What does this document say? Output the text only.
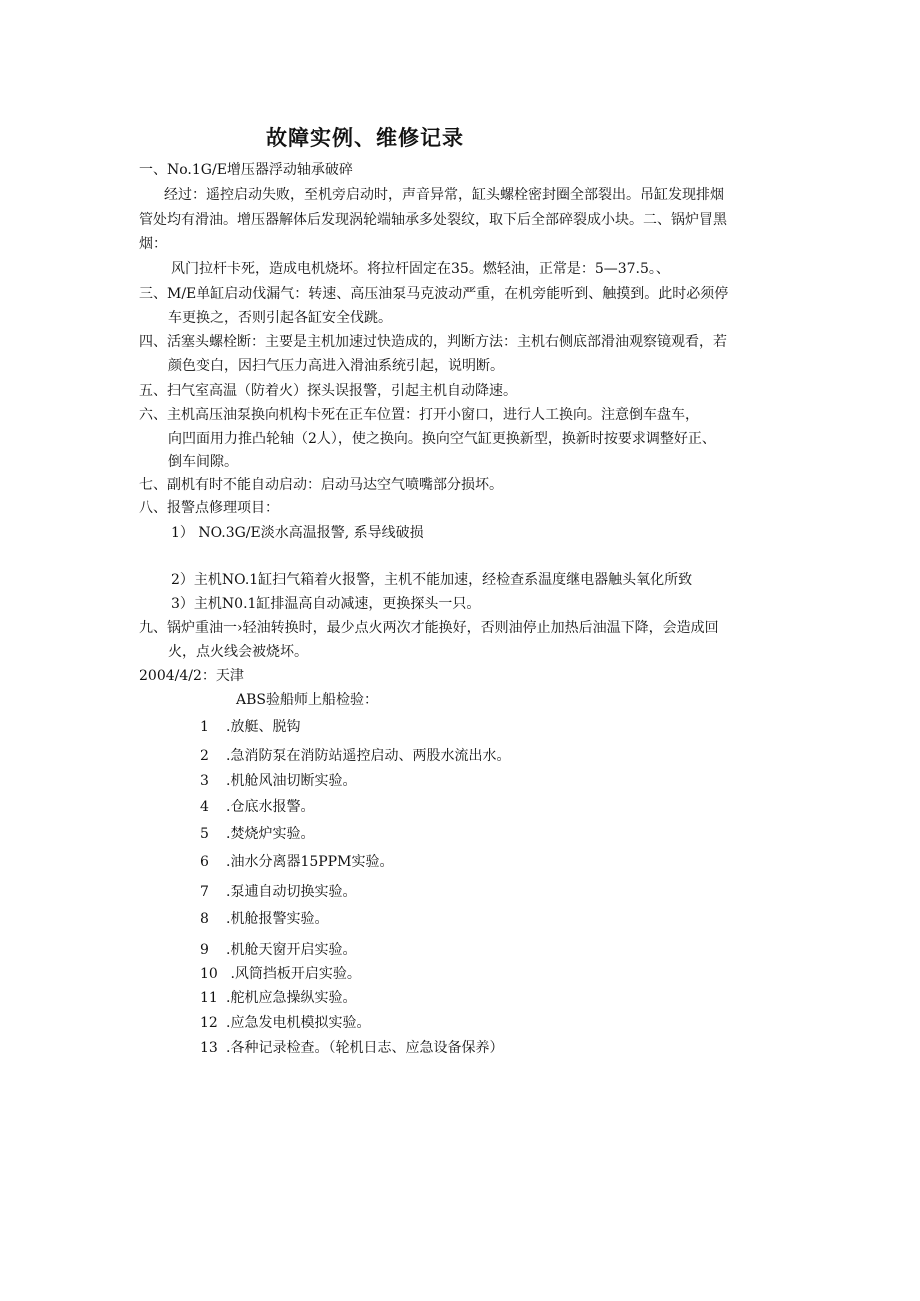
故障实例、维修记录
一、No.1G/E增压器浮动轴承破碎
经过：遥控启动失败，至机旁启动时，声音异常，缸头螺栓密封圈全部裂出。吊缸发现排烟
管处均有滑油。增压器解体后发现涡轮端轴承多处裂纹，取下后全部碎裂成小块。二、锅炉冒黑
烟：
风门拉杆卡死，造成电机烧坏。将拉杆固定在35。燃轻油，正常是：5—37.5。、
三、M/E单缸启动伐漏气：转速、高压油泵马克波动严重，在机旁能听到、触摸到。此时必须停
车更换之，否则引起各缸安全伐跳。
四、活塞头螺栓断：主要是主机加速过快造成的，判断方法：主机右侧底部滑油观察镜观看，若
颜色变白，因扫气压力高进入滑油系统引起，说明断。
五、扫气室高温（防着火）探头误报警，引起主机自动降速。
六、主机高压油泵换向机构卡死在正车位置：打开小窗口，进行人工换向。注意倒车盘车，
向凹面用力推凸轮轴（2人），使之换向。换向空气缸更换新型，换新时按要求调整好正、
倒车间隙。
七、副机有时不能自动启动：启动马达空气喷嘴部分损坏。
八、报警点修理项目：
1） NO.3G/E淡水高温报警, 系导线破损
2）主机NO.1缸扫气箱着火报警，主机不能加速，经检查系温度继电器触头氧化所致
3）主机N0.1缸排温高自动减速，更换探头一只。
九、锅炉重油一›轻油转换时，最少点火两次才能换好，否则油停止加热后油温下降，会造成回
火，点火线会被烧坏。
2004/4/2：天津
ABS验船师上船检验：
1 .放艇、脱钩
2 .急消防泵在消防站遥控启动、两股水流出水。
3 .机舱风油切断实验。
4 .仓底水报警。
5 .焚烧炉实验。
6 .油水分离器15PPM实验。
7 .泵逋自动切换实验。
8 .机舱报警实验。
9 .机舱天窗开启实验。
10 .风筒挡板开启实验。
11 .舵机应急操纵实验。
12 .应急发电机模拟实验。
13 .各种记录检查。（轮机日志、应急设备保养）
